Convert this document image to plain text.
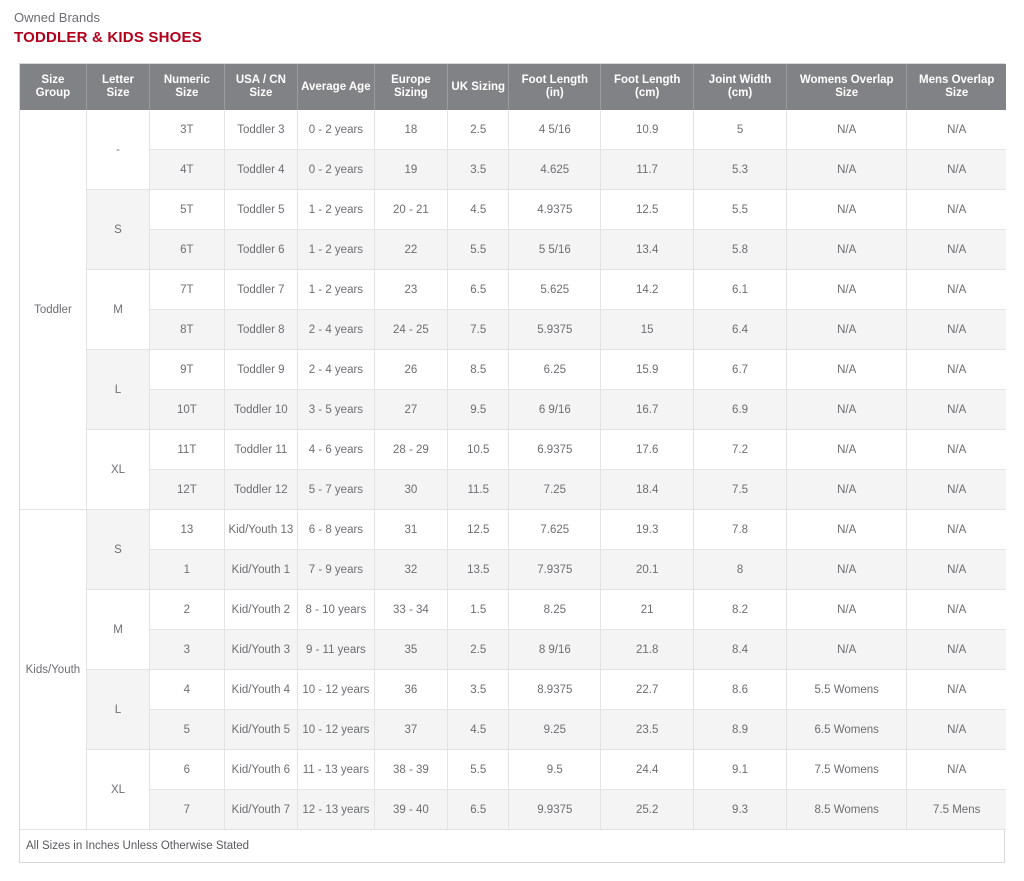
Owned Brands
TODDLER & KIDS SHOES
Size Group	Letter Size	Numeric Size	USA / CN Size	Average Age	Europe Sizing	UK Sizing	Foot Length (in)	Foot Length (cm)	Joint Width (cm)	Womens Overlap Size	Mens Overlap Size
Toddler	-	3T	Toddler 3	0 - 2 years	18	2.5	4 5/16	10.9	5	N/A	N/A
		4T	Toddler 4	0 - 2 years	19	3.5	4.625	11.7	5.3	N/A	N/A
	S	5T	Toddler 5	1 - 2 years	20 - 21	4.5	4.9375	12.5	5.5	N/A	N/A
		6T	Toddler 6	1 - 2 years	22	5.5	5 5/16	13.4	5.8	N/A	N/A
	M	7T	Toddler 7	1 - 2 years	23	6.5	5.625	14.2	6.1	N/A	N/A
		8T	Toddler 8	2 - 4 years	24 - 25	7.5	5.9375	15	6.4	N/A	N/A
	L	9T	Toddler 9	2 - 4 years	26	8.5	6.25	15.9	6.7	N/A	N/A
		10T	Toddler 10	3 - 5 years	27	9.5	6 9/16	16.7	6.9	N/A	N/A
	XL	11T	Toddler 11	4 - 6 years	28 - 29	10.5	6.9375	17.6	7.2	N/A	N/A
		12T	Toddler 12	5 - 7 years	30	11.5	7.25	18.4	7.5	N/A	N/A
Kids/Youth	S	13	Kid/Youth 13	6 - 8 years	31	12.5	7.625	19.3	7.8	N/A	N/A
		1	Kid/Youth 1	7 - 9 years	32	13.5	7.9375	20.1	8	N/A	N/A
	M	2	Kid/Youth 2	8 - 10 years	33 - 34	1.5	8.25	21	8.2	N/A	N/A
		3	Kid/Youth 3	9 - 11 years	35	2.5	8 9/16	21.8	8.4	N/A	N/A
	L	4	Kid/Youth 4	10 - 12 years	36	3.5	8.9375	22.7	8.6	5.5 Womens	N/A
		5	Kid/Youth 5	10 - 12 years	37	4.5	9.25	23.5	8.9	6.5 Womens	N/A
	XL	6	Kid/Youth 6	11 - 13 years	38 - 39	5.5	9.5	24.4	9.1	7.5 Womens	N/A
		7	Kid/Youth 7	12 - 13 years	39 - 40	6.5	9.9375	25.2	9.3	8.5 Womens	7.5 Mens
All Sizes in Inches Unless Otherwise Stated
